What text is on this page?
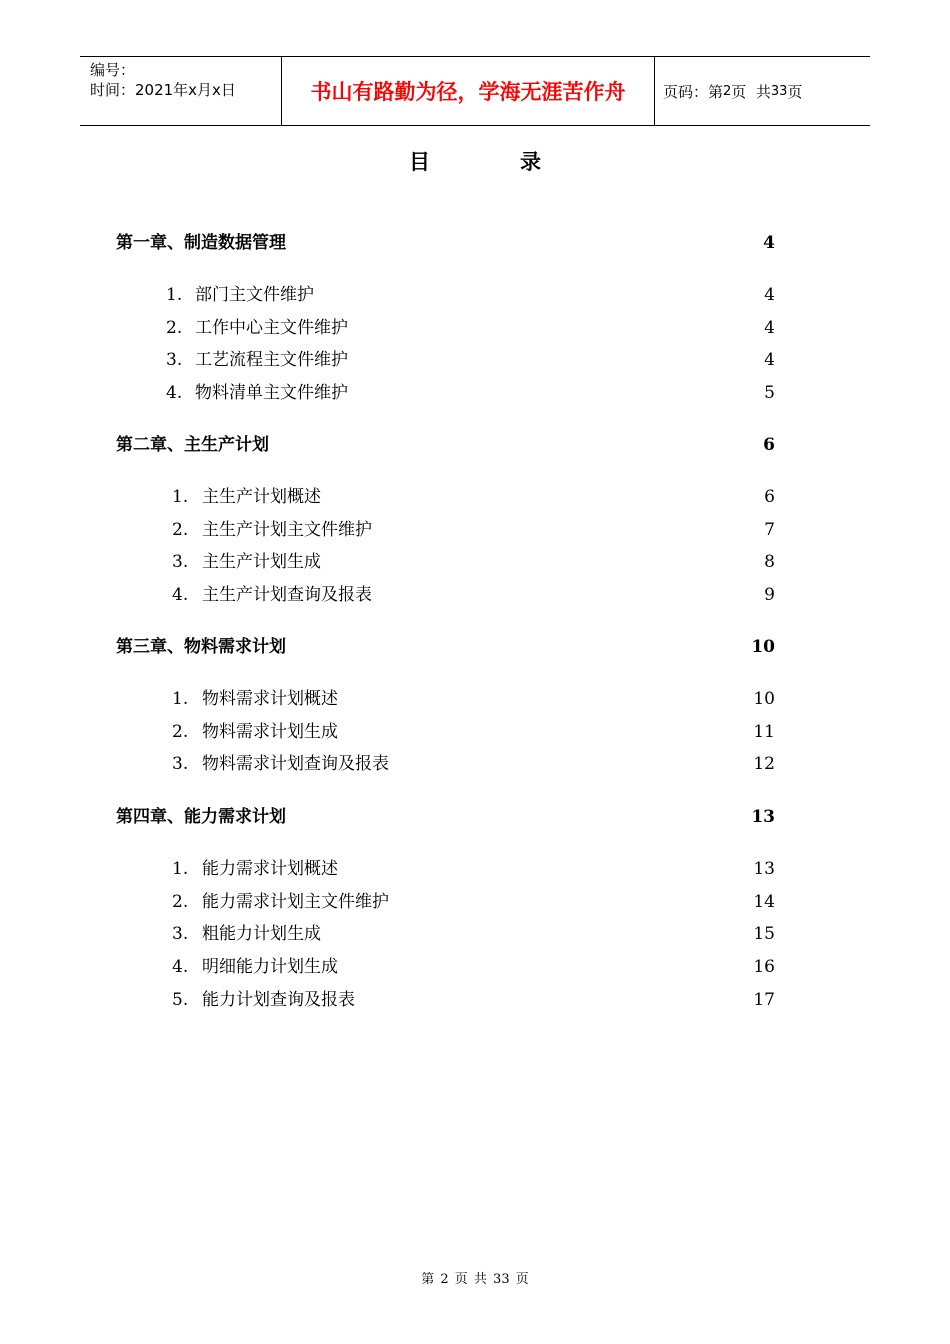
编号：
时间：2021年x月x日	书山有路勤为径，学海无涯苦作舟	页码：第 2 页  共 33 页
目录
第一章、制造数据管理	4
1. 部门主文件维护	4
2. 工作中心主文件维护	4
3. 工艺流程主文件维护	4
4. 物料清单主文件维护	5
第二章、主生产计划	6
1. 主生产计划概述	6
2. 主生产计划主文件维护	7
3. 主生产计划生成	8
4. 主生产计划查询及报表	9
第三章、物料需求计划	10
1. 物料需求计划概述	10
2. 物料需求计划生成	11
3. 物料需求计划查询及报表	12
第四章、能力需求计划	13
1. 能力需求计划概述	13
2. 能力需求计划主文件维护	14
3. 粗能力计划生成	15
4. 明细能力计划生成	16
5. 能力计划查询及报表	17
第 2 页 共 33 页
